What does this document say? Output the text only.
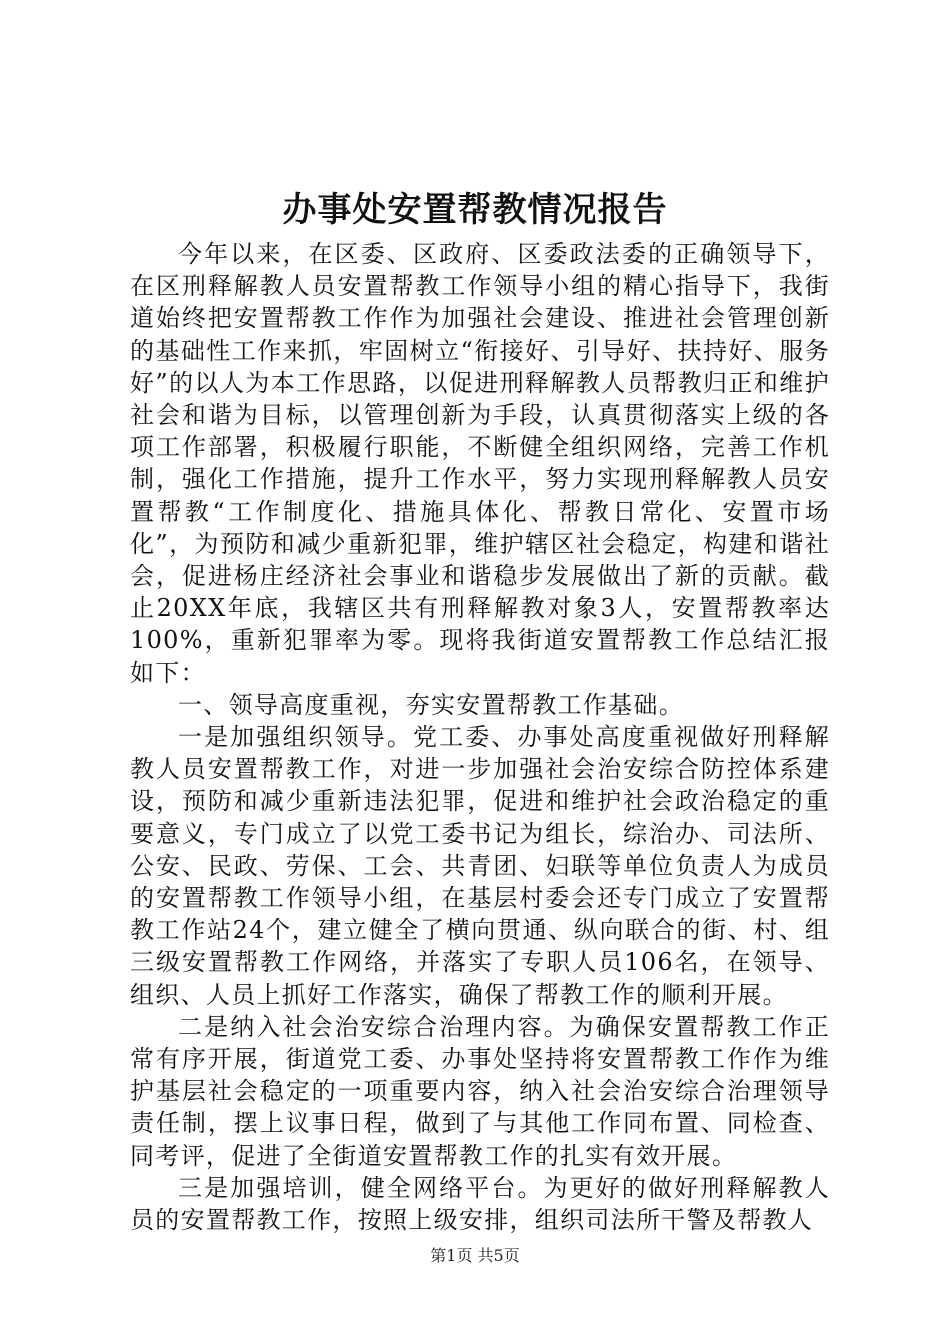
办事处安置帮教情况报告

今年以来，在区委、区政府、区委政法委的正确领导下，在区刑释解教人员安置帮教工作领导小组的精心指导下，我街道始终把安置帮教工作作为加强社会建设、推进社会管理创新的基础性工作来抓，牢固树立“衔接好、引导好、扶持好、服务好”的以人为本工作思路，以促进刑释解教人员帮教归正和维护社会和谐为目标，以管理创新为手段，认真贯彻落实上级的各项工作部署，积极履行职能，不断健全组织网络，完善工作机制，强化工作措施，提升工作水平，努力实现刑释解教人员安置帮教“工作制度化、措施具体化、帮教日常化、安置市场化”，为预防和减少重新犯罪，维护辖区社会稳定，构建和谐社会，促进杨庄经济社会事业和谐稳步发展做出了新的贡献。截止20XX年底，我辖区共有刑释解教对象3人，安置帮教率达100%，重新犯罪率为零。现将我街道安置帮教工作总结汇报如下：

一、领导高度重视，夯实安置帮教工作基础。

一是加强组织领导。党工委、办事处高度重视做好刑释解教人员安置帮教工作，对进一步加强社会治安综合防控体系建设，预防和减少重新违法犯罪，促进和维护社会政治稳定的重要意义，专门成立了以党工委书记为组长，综治办、司法所、公安、民政、劳保、工会、共青团、妇联等单位负责人为成员的安置帮教工作领导小组，在基层村委会还专门成立了安置帮教工作站24个，建立健全了横向贯通、纵向联合的街、村、组三级安置帮教工作网络，并落实了专职人员106名，在领导、组织、人员上抓好工作落实，确保了帮教工作的顺利开展。

二是纳入社会治安综合治理内容。为确保安置帮教工作正常有序开展，街道党工委、办事处坚持将安置帮教工作作为维护基层社会稳定的一项重要内容，纳入社会治安综合治理领导责任制，摆上议事日程，做到了与其他工作同布置、同检查、同考评，促进了全街道安置帮教工作的扎实有效开展。

三是加强培训，健全网络平台。为更好的做好刑释解教人员的安置帮教工作，按照上级安排，组织司法所干警及帮教人

第1页 共5页
